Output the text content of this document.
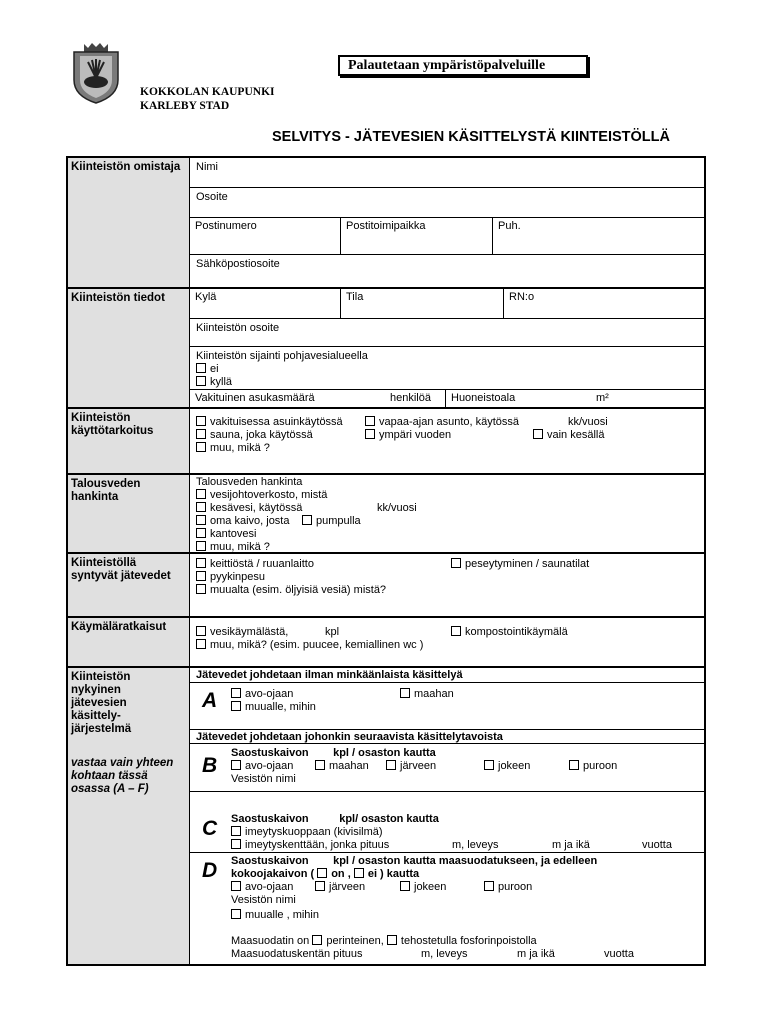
Palautetaan ympäristöpalveluille
KOKKOLAN KAUPUNKI
KARLEBY STAD
SELVITYS - JÄTEVESIEN KÄSITTELYSTÄ KIINTEISTÖLLÄ
Kiinteistön omistaja	Nimi
Osoite
Postinumero	Postitoimipaikka	Puh.
Sähköpostiosoite
Kiinteistön tiedot	Kylä	Tila	RN:o
Kiinteistön osoite
Kiinteistön sijainti pohjavesialueella
ei
kyllä
Vakituinen asukasmäärä	henkilöä	Huoneistoala	m²
Kiinteistön käyttötarkoitus
vakituisessa asuinkäytössä	vapaa-ajan asunto, käytössä	kk/vuosi
sauna, joka käytössä	ympäri vuoden	vain kesällä
muu, mikä ?
Talousveden hankinta
Talousveden hankinta
vesijohtoverkosto, mistä
kesävesi, käytössä	kk/vuosi
oma kaivo, josta	pumpulla
kantovesi
muu, mikä ?
Kiinteistöllä syntyvät jätevedet
keittiöstä / ruuanlaitto	peseytyminen / saunatilat
pyykinpesu
muualta (esim. öljyisiä vesiä) mistä?
Käymäläratkaisut	vesikäymälästä,	kpl	kompostointikäymälä
muu, mikä? (esim. puucee, kemiallinen wc )
Kiinteistön nykyinen jätevesien käsittely-järjestelmä
vastaa vain yhteen kohtaan tässä osassa (A – F)
Jätevedet johdetaan ilman minkäänlaista käsittelyä
A	avo-ojaan	maahan
muualle, mihin
Jätevedet johdetaan johonkin seuraavista käsittelytavoista
B
Saostuskaivon        kpl / osaston kautta
avo-ojaan	maahan	järveen	jokeen	puroon
Vesistön nimi
C Saostuskaivon          kpl/ osaston kautta
imeytyskuoppaan (kivisilmä)
imeytyskenttään, jonka pituus	m, leveys	m ja ikä	vuotta
D Saostuskaivon        kpl / osaston kautta maasuodatukseen, ja edelleen
kokoojakaivon ( on , ei ) kautta
avo-ojaan	järveen	jokeen	puroon
Vesistön nimi
muualle , mihin
Maasuodatin on perinteinen, tehostetulla fosforinpoistolla
Maasuodatuskentän pituus	m, leveys	m ja ikä	vuotta
